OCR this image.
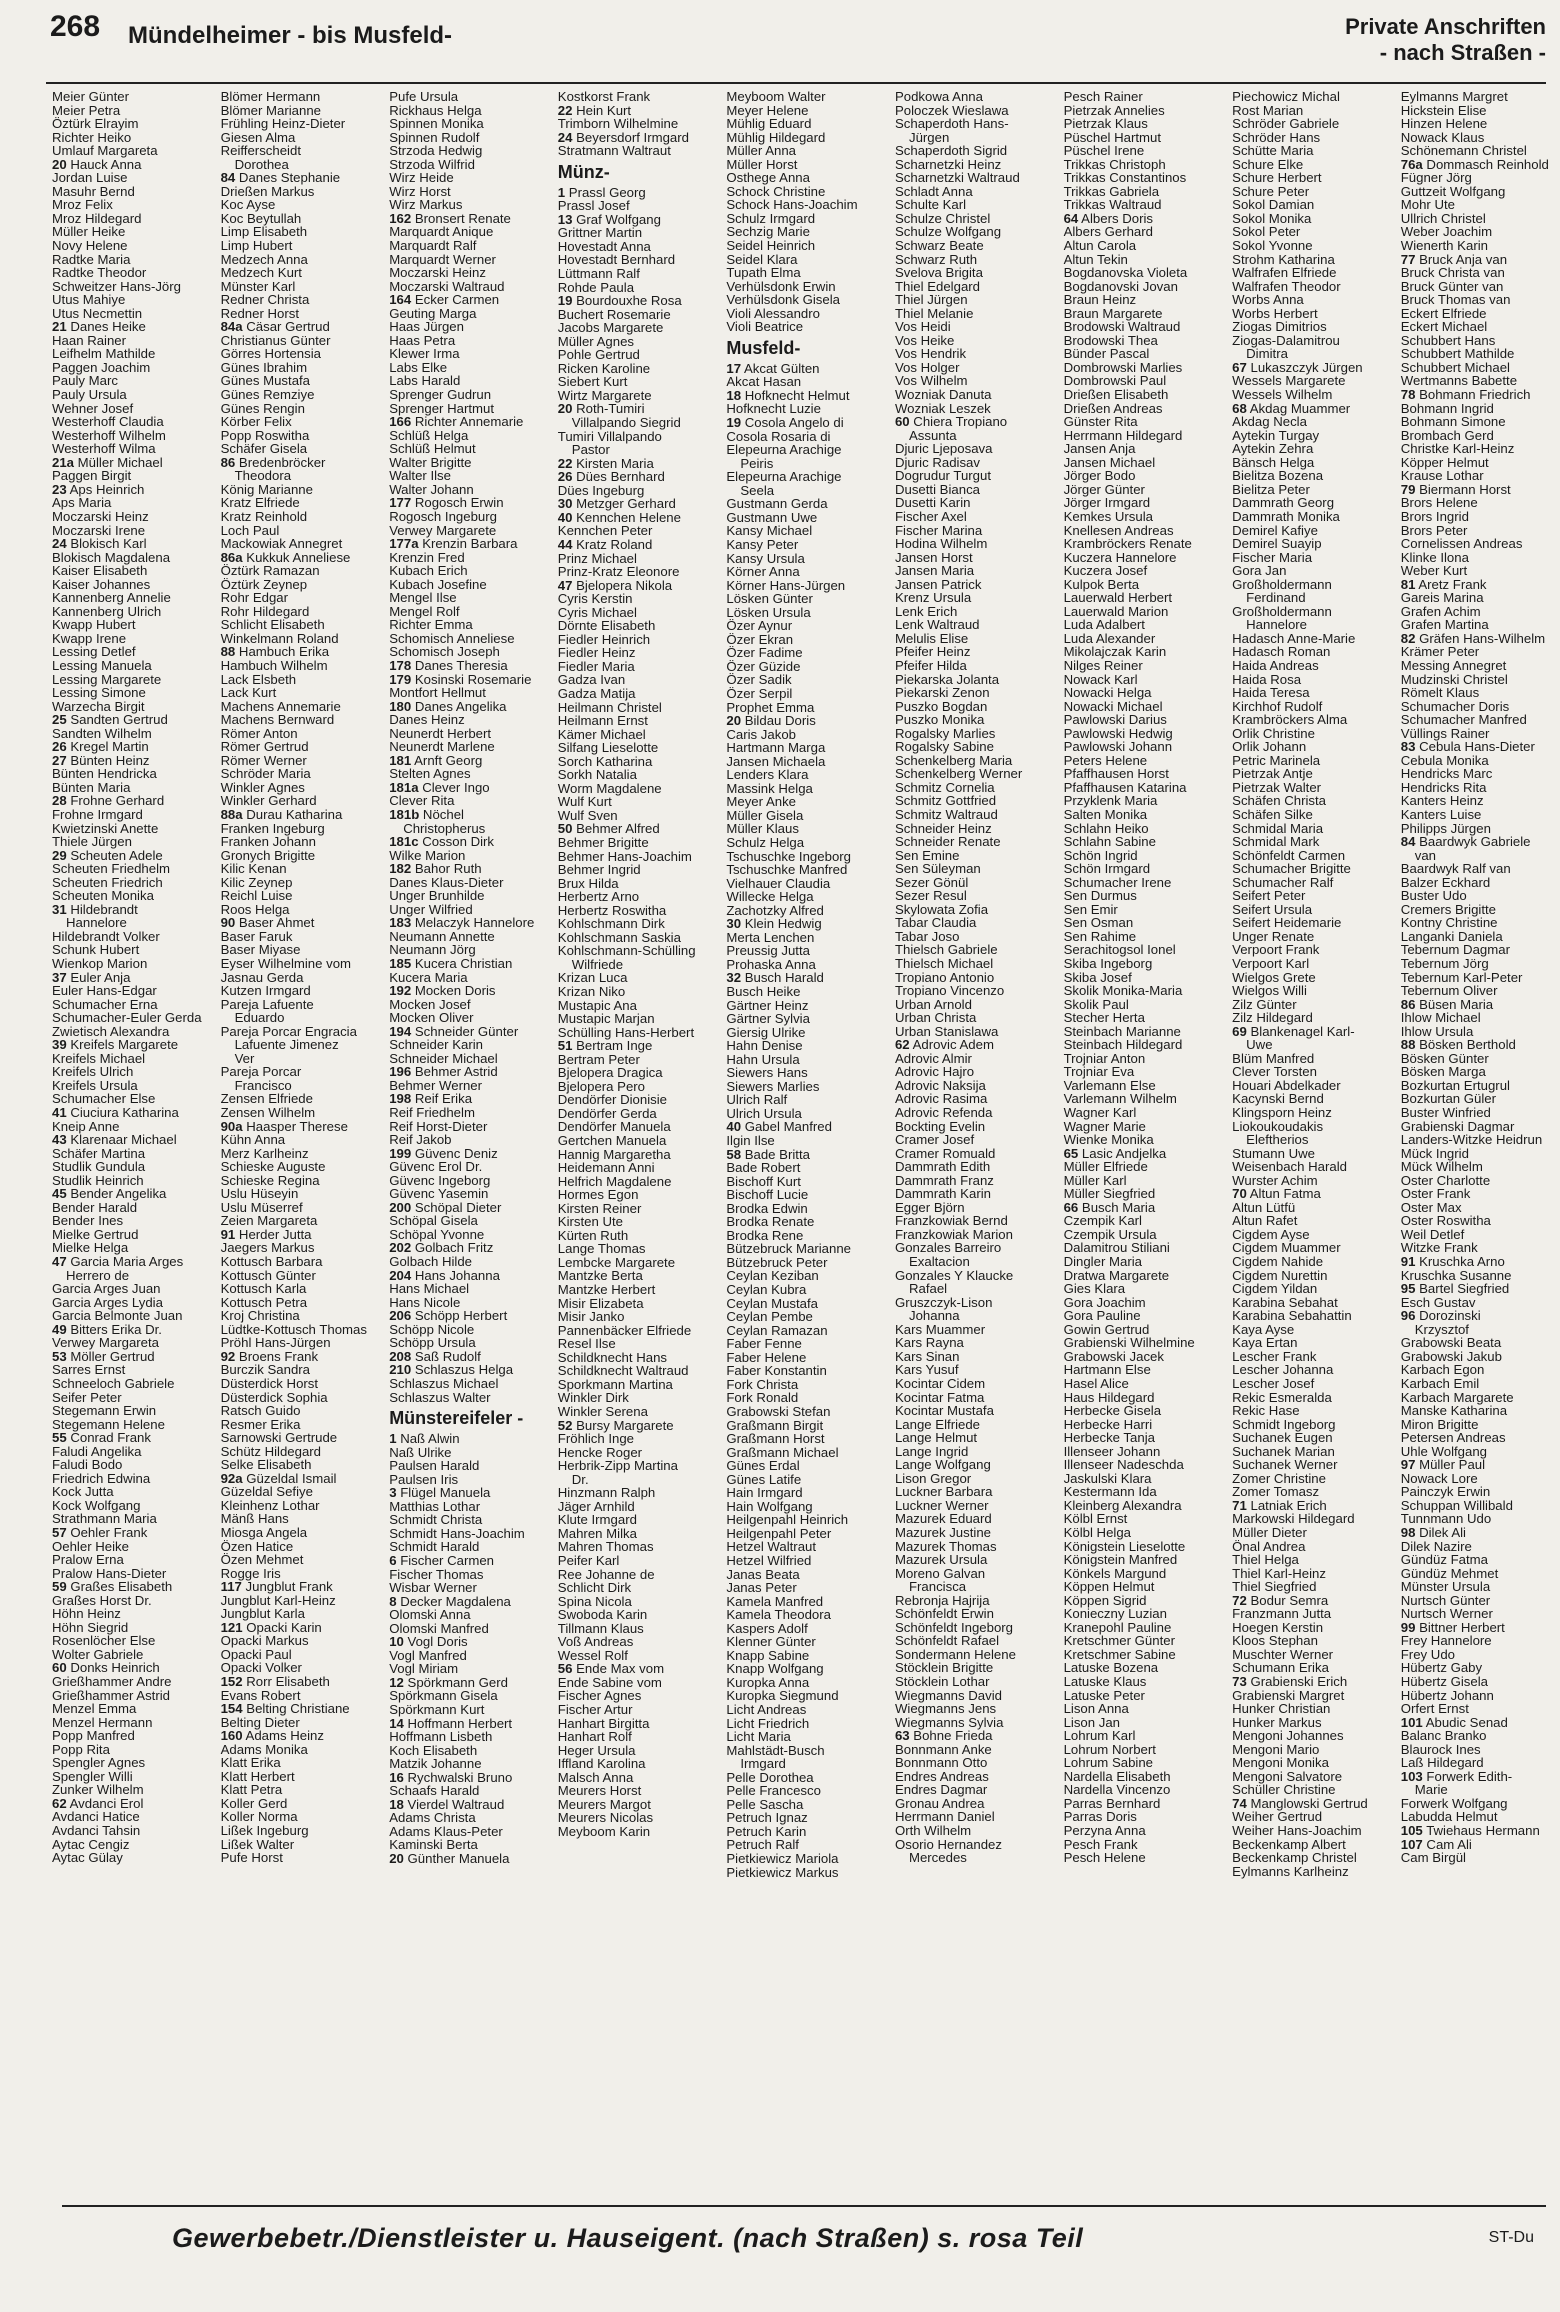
268 Mündelheimer - bis Musfeld-	Private Anschriften
- nach Straßen -
Meier Günter
Meier Petra
Öztürk Elrayim
Richter Heiko
Umlauf Margareta
20 Hauck Anna
Jordan Luise
Masuhr Bernd
Mroz Felix
Mroz Hildegard
Müller Heike
Novy Helene
Radtke Maria
Radtke Theodor
Schweitzer Hans-Jörg
Utus Mahiye
Utus Necmettin
21 Danes Heike
Haan Rainer
Leifhelm Mathilde
Paggen Joachim
Pauly Marc
Pauly Ursula
Wehner Josef
Westerhoff Claudia
Westerhoff Wilhelm
Westerhoff Wilma
21a Müller Michael
Paggen Birgit
23 Aps Heinrich
Aps Maria
Moczarski Heinz
Moczarski Irene
24 Blokisch Karl
Blokisch Magdalena
Kaiser Elisabeth
Kaiser Johannes
Kannenberg Annelie
Kannenberg Ulrich
Kwapp Hubert
Kwapp Irene
Lessing Detlef
Lessing Manuela
Lessing Margarete
Lessing Simone
Warzecha Birgit
25 Sandten Gertrud
Sandten Wilhelm
26 Kregel Martin
27 Bünten Heinz
Bünten Hendricka
Bünten Maria
28 Frohne Gerhard
Frohne Irmgard
Kwietzinski Anette
Thiele Jürgen
29 Scheuten Adele
Scheuten Friedhelm
Scheuten Friedrich
Scheuten Monika
31 Hildebrandt
Hannelore
Hildebrandt Volker
Schunk Hubert
Wienkop Marion
37 Euler Anja
Euler Hans-Edgar
Schumacher Erna
Schumacher-Euler Gerda
Zwietisch Alexandra
39 Kreifels Margarete
Kreifels Michael
Kreifels Ulrich
Kreifels Ursula
Schumacher Else
41 Ciuciura Katharina
Kneip Anne
43 Klarenaar Michael
Schäfer Martina
Studlik Gundula
Studlik Heinrich
45 Bender Angelika
Bender Harald
Bender Ines
Mielke Gertrud
Mielke Helga
47 Garcia Maria Arges
Herrero de
Garcia Arges Juan
Garcia Arges Lydia
Garcia Belmonte Juan
49 Bitters Erika Dr.
Verwey Margareta
53 Möller Gertrud
Sarres Ernst
Schneeloch Gabriele
Seifer Peter
Stegemann Erwin
Stegemann Helene
55 Conrad Frank
Faludi Angelika
Faludi Bodo
Friedrich Edwina
Kock Jutta
Kock Wolfgang
Strathmann Maria
57 Oehler Frank
Oehler Heike
Pralow Erna
Pralow Hans-Dieter
59 Graßes Elisabeth
Graßes Horst Dr.
Höhn Heinz
Höhn Siegrid
Rosenlöcher Else
Wolter Gabriele
60 Donks Heinrich
Grießhammer Andre
Grießhammer Astrid
Menzel Emma
Menzel Hermann
Popp Manfred
Popp Rita
Spengler Agnes
Spengler Willi
Zunker Wilhelm
62 Avdanci Erol
Avdanci Hatice
Avdanci Tahsin
Aytac Cengiz
Aytac Gülay
Blömer Hermann
Blömer Marianne
Frühling Heinz-Dieter
Giesen Alma
Reifferscheidt
Dorothea
84 Danes Stephanie
Drießen Markus
Koc Ayse
Koc Beytullah
Limp Elisabeth
Limp Hubert
Medzech Anna
Medzech Kurt
Münster Karl
Redner Christa
Redner Horst
84a Cäsar Gertrud
Christianus Günter
Görres Hortensia
Günes Ibrahim
Günes Mustafa
Günes Remziye
Günes Rengin
Körber Felix
Popp Roswitha
Schäfer Gisela
86 Bredenbröcker
Theodora
König Marianne
Kratz Elfriede
Kratz Reinhold
Loch Paul
Mackowiak Annegret
86a Kukkuk Anneliese
Öztürk Ramazan
Öztürk Zeynep
Rohr Edgar
Rohr Hildegard
Schlicht Elisabeth
Winkelmann Roland
88 Hambuch Erika
Hambuch Wilhelm
Lack Elsbeth
Lack Kurt
Machens Annemarie
Machens Bernward
Römer Anton
Römer Gertrud
Römer Werner
Schröder Maria
Winkler Agnes
Winkler Gerhard
88a Durau Katharina
Franken Ingeburg
Franken Johann
Gronych Brigitte
Kilic Kenan
Kilic Zeynep
Reichl Luise
Roos Helga
90 Baser Ahmet
Baser Faruk
Baser Miyase
Eyser Wilhelmine vom
Jasnau Gerda
Kutzen Irmgard
Pareja Lafuente
Eduardo
Pareja Porcar Engracia
Lafuente Jimenez
Ver
Pareja Porcar
Francisco
Zensen Elfriede
Zensen Wilhelm
90a Haasper Therese
Kühn Anna
Merz Karlheinz
Schieske Auguste
Schieske Regina
Uslu Hüseyin
Uslu Müserref
Zeien Margareta
91 Herder Jutta
Jaegers Markus
Kottusch Barbara
Kottusch Günter
Kottusch Karla
Kottusch Petra
Kroj Christina
Lüdtke-Kottusch Thomas
Pröhl Hans-Jürgen
92 Broens Frank
Burczik Sandra
Düsterdick Horst
Düsterdick Sophia
Ratsch Guido
Resmer Erika
Sarnowski Gertrude
Schütz Hildegard
Selke Elisabeth
92a Güzeldal Ismail
Güzeldal Sefiye
Kleinhenz Lothar
Mänß Hans
Miosga Angela
Özen Hatice
Özen Mehmet
Rogge Iris
117 Jungblut Frank
Jungblut Karl-Heinz
Jungblut Karla
121 Opacki Karin
Opacki Markus
Opacki Paul
Opacki Volker
152 Rorr Elisabeth
Evans Robert
154 Belting Christiane
Belting Dieter
160 Adams Heinz
Adams Monika
Klatt Erika
Klatt Herbert
Klatt Petra
Koller Gerd
Koller Norma
Lißek Ingeburg
Lißek Walter
Pufe Horst
Pufe Ursula
Rickhaus Helga
Spinnen Monika
Spinnen Rudolf
Strzoda Hedwig
Strzoda Wilfrid
Wirz Heide
Wirz Horst
Wirz Markus
162 Bronsert Renate
Marquardt Anique
Marquardt Ralf
Marquardt Werner
Moczarski Heinz
Moczarski Waltraud
164 Ecker Carmen
Geuting Marga
Haas Jürgen
Haas Petra
Klewer Irma
Labs Elke
Labs Harald
Sprenger Gudrun
Sprenger Hartmut
166 Richter Annemarie
Schlüß Helga
Schlüß Helmut
Walter Brigitte
Walter Ilse
Walter Johann
177 Rogosch Erwin
Rogosch Ingeburg
Verwey Margarete
177a Krenzin Barbara
Krenzin Fred
Kubach Erich
Kubach Josefine
Mengel Ilse
Mengel Rolf
Richter Emma
Schomisch Anneliese
Schomisch Joseph
178 Danes Theresia
179 Kosinski Rosemarie
Montfort Hellmut
180 Danes Angelika
Danes Heinz
Neunerdt Herbert
Neunerdt Marlene
181 Arnft Georg
Stelten Agnes
181a Clever Ingo
Clever Rita
181b Nöchel
Christopherus
181c Cosson Dirk
Wilke Marion
182 Bahor Ruth
Danes Klaus-Dieter
Unger Brunhilde
Unger Wilfried
183 Melaczyk Hannelore
Neumann Annette
Neumann Jörg
185 Kucera Christian
Kucera Maria
192 Mocken Doris
Mocken Josef
Mocken Oliver
194 Schneider Günter
Schneider Karin
Schneider Michael
196 Behmer Astrid
Behmer Werner
198 Reif Erika
Reif Friedhelm
Reif Horst-Dieter
Reif Jakob
199 Güvenc Deniz
Güvenc Erol Dr.
Güvenc Ingeborg
Güvenc Yasemin
200 Schöpal Dieter
Schöpal Gisela
Schöpal Yvonne
202 Golbach Fritz
Golbach Hilde
204 Hans Johanna
Hans Michael
Hans Nicole
206 Schöpp Herbert
Schöpp Nicole
Schöpp Ursula
208 Saß Rudolf
210 Schlaszus Helga
Schlaszus Michael
Schlaszus Walter
Münstereifeler -
1 Naß Alwin
Naß Ulrike
Paulsen Harald
Paulsen Iris
3 Flügel Manuela
Matthias Lothar
Schmidt Christa
Schmidt Hans-Joachim
Schmidt Harald
6 Fischer Carmen
Fischer Thomas
Wisbar Werner
8 Decker Magdalena
Olomski Anna
Olomski Manfred
10 Vogl Doris
Vogl Manfred
Vogl Miriam
12 Spörkmann Gerd
Spörkmann Gisela
Spörkmann Kurt
14 Hoffmann Herbert
Hoffmann Lisbeth
Koch Elisabeth
Matzik Johanne
16 Rychwalski Bruno
Schaafs Harald
18 Vierdel Waltraud
Adams Christa
Adams Klaus-Peter
Kaminski Berta
20 Günther Manuela
Kostkorst Frank
22 Hein Kurt
Trimborn Wilhelmine
24 Beyersdorf Irmgard
Stratmann Waltraut
Münz-
1 Prassl Georg
Prassl Josef
13 Graf Wolfgang
Grittner Martin
Hovestadt Anna
Hovestadt Bernhard
Lüttmann Ralf
Rohde Paula
19 Bourdouxhe Rosa
Buchert Rosemarie
Jacobs Margarete
Müller Agnes
Pohle Gertrud
Ricken Karoline
Siebert Kurt
Wirtz Margarete
20 Roth-Tumiri
Villalpando Siegrid
Tumiri Villalpando
Pastor
22 Kirsten Maria
26 Dües Bernhard
Dües Ingeburg
30 Metzger Gerhard
40 Kennchen Helene
Kennchen Peter
44 Kratz Roland
Prinz Michael
Prinz-Kratz Eleonore
47 Bjelopera Nikola
Cyris Kerstin
Cyris Michael
Dörnte Elisabeth
Fiedler Heinrich
Fiedler Heinz
Fiedler Maria
Gadza Ivan
Gadza Matija
Heilmann Christel
Heilmann Ernst
Kämer Michael
Silfang Lieselotte
Sorch Katharina
Sorkh Natalia
Worm Magdalene
Wulf Kurt
Wulf Sven
50 Behmer Alfred
Behmer Brigitte
Behmer Hans-Joachim
Behmer Ingrid
Brux Hilda
Herbertz Arno
Herbertz Roswitha
Kohlschmann Dirk
Kohlschmann Saskia
Kohlschmann-Schülling
Wilfriede
Krizan Luca
Krizan Niko
Mustapic Ana
Mustapic Marjan
Schülling Hans-Herbert
51 Bertram Inge
Bertram Peter
Bjelopera Dragica
Bjelopera Pero
Dendörfer Dionisie
Dendörfer Gerda
Dendörfer Manuela
Gertchen Manuela
Hannig Margaretha
Heidemann Anni
Helfrich Magdalene
Hormes Egon
Kirsten Reiner
Kirsten Ute
Kürten Ruth
Lange Thomas
Lembcke Margarete
Mantzke Berta
Mantzke Herbert
Misir Elizabeta
Misir Janko
Pannenbäcker Elfriede
Resel Ilse
Schildknecht Hans
Schildknecht Waltraud
Sporkmann Martina
Winkler Dirk
Winkler Serena
52 Bursy Margarete
Fröhlich Inge
Hencke Roger
Herbrik-Zipp Martina
Dr.
Hinzmann Ralph
Jäger Arnhild
Klute Irmgard
Mahren Milka
Mahren Thomas
Peifer Karl
Ree Johanne de
Schlicht Dirk
Spina Nicola
Swoboda Karin
Tillmann Klaus
Voß Andreas
Wessel Rolf
56 Ende Max vom
Ende Sabine vom
Fischer Agnes
Fischer Artur
Hanhart Birgitta
Hanhart Rolf
Heger Ursula
Iffland Karolina
Malsch Anna
Meurers Horst
Meurers Margot
Meurers Nicolas
Meyboom Karin
Meyboom Walter
Meyer Helene
Mühlig Eduard
Mühlig Hildegard
Müller Anna
Müller Horst
Osthege Anna
Schock Christine
Schock Hans-Joachim
Schulz Irmgard
Sechzig Marie
Seidel Heinrich
Seidel Klara
Tupath Elma
Verhülsdonk Erwin
Verhülsdonk Gisela
Violi Alessandro
Violi Beatrice
Musfeld-
17 Akcat Gülten
Akcat Hasan
18 Hofknecht Helmut
Hofknecht Luzie
19 Cosola Angelo di
Cosola Rosaria di
Elepeurna Arachige
Peiris
Elepeurna Arachige
Seela
Gustmann Gerda
Gustmann Uwe
Kansy Michael
Kansy Peter
Kansy Ursula
Körner Anna
Körner Hans-Jürgen
Lösken Günter
Lösken Ursula
Özer Aynur
Özer Ekran
Özer Fadime
Özer Güzide
Özer Sadik
Özer Serpil
Prophet Emma
20 Bildau Doris
Caris Jakob
Hartmann Marga
Jansen Michaela
Lenders Klara
Massink Helga
Meyer Anke
Müller Gisela
Müller Klaus
Schulz Helga
Tschuschke Ingeborg
Tschuschke Manfred
Vielhauer Claudia
Willecke Helga
Zachotzky Alfred
30 Klein Hedwig
Merta Lenchen
Preussig Jutta
Prohaska Anna
32 Busch Harald
Busch Heike
Gärtner Heinz
Gärtner Sylvia
Giersig Ulrike
Hahn Denise
Hahn Ursula
Siewers Hans
Siewers Marlies
Ulrich Ralf
Ulrich Ursula
40 Gabel Manfred
Ilgin Ilse
58 Bade Britta
Bade Robert
Bischoff Kurt
Bischoff Lucie
Brodka Edwin
Brodka Renate
Brodka Rene
Bützebruck Marianne
Bützebruck Peter
Ceylan Keziban
Ceylan Kubra
Ceylan Mustafa
Ceylan Pembe
Ceylan Ramazan
Faber Fenne
Faber Helene
Faber Konstantin
Fork Christa
Fork Ronald
Grabowski Stefan
Graßmann Birgit
Graßmann Horst
Graßmann Michael
Günes Erdal
Günes Latife
Hain Irmgard
Hain Wolfgang
Heilgenpahl Heinrich
Heilgenpahl Peter
Hetzel Waltraut
Hetzel Wilfried
Janas Beata
Janas Peter
Kamela Manfred
Kamela Theodora
Kaspers Adolf
Klenner Günter
Knapp Sabine
Knapp Wolfgang
Kuropka Anna
Kuropka Siegmund
Licht Andreas
Licht Friedrich
Licht Maria
Mahlstädt-Busch
Irmgard
Pelle Dorothea
Pelle Francesco
Pelle Sascha
Petruch Ignaz
Petruch Karin
Petruch Ralf
Pietkiewicz Mariola
Pietkiewicz Markus
Podkowa Anna
Poloczek Wieslawa
Schaperdoth Hans-
Jürgen
Schaperdoth Sigrid
Scharnetzki Heinz
Scharnetzki Waltraud
Schladt Anna
Schulte Karl
Schulze Christel
Schulze Wolfgang
Schwarz Beate
Schwarz Ruth
Svelova Brigita
Thiel Edelgard
Thiel Jürgen
Thiel Melanie
Vos Heidi
Vos Heike
Vos Hendrik
Vos Holger
Vos Wilhelm
Wozniak Danuta
Wozniak Leszek
60 Chiera Tropiano
Assunta
Djuric Ljeposava
Djuric Radisav
Dogrudur Turgut
Dusetti Bianca
Dusetti Karin
Fischer Axel
Fischer Marina
Hodina Wilhelm
Jansen Horst
Jansen Maria
Jansen Patrick
Krenz Ursula
Lenk Erich
Lenk Waltraud
Melulis Elise
Pfeifer Heinz
Pfeifer Hilda
Piekarska Jolanta
Piekarski Zenon
Puszko Bogdan
Puszko Monika
Rogalsky Marlies
Rogalsky Sabine
Schenkelberg Maria
Schenkelberg Werner
Schmitz Cornelia
Schmitz Gottfried
Schmitz Waltraud
Schneider Heinz
Schneider Renate
Sen Emine
Sen Süleyman
Sezer Gönül
Sezer Resul
Skylowata Zofia
Tabar Claudia
Tabar Joso
Thielsch Gabriele
Thielsch Michael
Tropiano Antonio
Tropiano Vincenzo
Urban Arnold
Urban Christa
Urban Stanislawa
62 Adrovic Adem
Adrovic Almir
Adrovic Hajro
Adrovic Naksija
Adrovic Rasima
Adrovic Refenda
Bockting Evelin
Cramer Josef
Cramer Romuald
Dammrath Edith
Dammrath Franz
Dammrath Karin
Egger Björn
Franzkowiak Bernd
Franzkowiak Marion
Gonzales Barreiro
Exaltacion
Gonzales Y Klaucke
Rafael
Gruszczyk-Lison
Johanna
Kars Muammer
Kars Rayna
Kars Sinan
Kars Yusuf
Kocintar Cidem
Kocintar Fatma
Kocintar Mustafa
Lange Elfriede
Lange Helmut
Lange Ingrid
Lange Wolfgang
Lison Gregor
Luckner Barbara
Luckner Werner
Mazurek Eduard
Mazurek Justine
Mazurek Thomas
Mazurek Ursula
Moreno Galvan
Francisca
Rebronja Hajrija
Schönfeldt Erwin
Schönfeldt Ingeborg
Schönfeldt Rafael
Sondermann Helene
Stöcklein Brigitte
Stöcklein Lothar
Wiegmanns David
Wiegmanns Jens
Wiegmanns Sylvia
63 Bohne Frieda
Bonnmann Anke
Bonnmann Otto
Endres Andreas
Endres Dagmar
Gronau Andrea
Herrmann Daniel
Orth Wilhelm
Osorio Hernandez
Mercedes
Pesch Rainer
Pietrzak Annelies
Pietrzak Klaus
Püschel Hartmut
Püschel Irene
Trikkas Christoph
Trikkas Constantinos
Trikkas Gabriela
Trikkas Waltraud
64 Albers Doris
Albers Gerhard
Altun Carola
Altun Tekin
Bogdanovska Violeta
Bogdanovski Jovan
Braun Heinz
Braun Margarete
Brodowski Waltraud
Brodowski Thea
Bünder Pascal
Dombrowski Marlies
Dombrowski Paul
Drießen Elisabeth
Drießen Andreas
Günster Rita
Herrmann Hildegard
Jansen Anja
Jansen Michael
Jörger Bodo
Jörger Günter
Jörger Irmgard
Kemkes Ursula
Knellesen Andreas
Krambröckers Renate
Kuczera Hannelore
Kuczera Josef
Kulpok Berta
Lauerwald Herbert
Lauerwald Marion
Luda Adalbert
Luda Alexander
Mikolajczak Karin
Nilges Reiner
Nowack Karl
Nowacki Helga
Nowacki Michael
Pawlowski Darius
Pawlowski Hedwig
Pawlowski Johann
Peters Helene
Pfaffhausen Horst
Pfaffhausen Katarina
Przyklenk Maria
Salten Monika
Schlahn Heiko
Schlahn Sabine
Schön Ingrid
Schön Irmgard
Schumacher Irene
Sen Durmus
Sen Emir
Sen Osman
Sen Rahime
Serachitogsol Ionel
Skiba Ingeborg
Skiba Josef
Skolik Monika-Maria
Skolik Paul
Stecher Herta
Steinbach Marianne
Steinbach Hildegard
Trojniar Anton
Trojniar Eva
Varlemann Else
Varlemann Wilhelm
Wagner Karl
Wagner Marie
Wienke Monika
65 Lasic Andjelka
Müller Elfriede
Müller Karl
Müller Siegfried
66 Busch Maria
Czempik Karl
Czempik Ursula
Dalamitrou Stiliani
Dingler Maria
Dratwa Margarete
Gies Klara
Gora Joachim
Gora Pauline
Gowin Gertrud
Grabienski Wilhelmine
Grabowski Jacek
Hartmann Else
Hasel Alice
Haus Hildegard
Herbecke Gisela
Herbecke Harri
Herbecke Tanja
Illenseer Johann
Illenseer Nadeschda
Jaskulski Klara
Kestermann Ida
Kleinberg Alexandra
Kölbl Ernst
Kölbl Helga
Königstein Lieselotte
Königstein Manfred
Könkels Margund
Köppen Helmut
Köppen Sigrid
Konieczny Luzian
Kranepohl Pauline
Kretschmer Günter
Kretschmer Sabine
Latuske Bozena
Latuske Klaus
Latuske Peter
Lison Anna
Lison Jan
Lohrum Karl
Lohrum Norbert
Lohrum Sabine
Nardella Elisabeth
Nardella Vincenzo
Parras Bernhard
Parras Doris
Perzyna Anna
Pesch Frank
Pesch Helene
Piechowicz Michal
Rost Marian
Schröder Gabriele
Schröder Hans
Schütte Maria
Schure Elke
Schure Herbert
Schure Peter
Sokol Damian
Sokol Monika
Sokol Peter
Sokol Yvonne
Strohm Katharina
Walfrafen Elfriede
Walfrafen Theodor
Worbs Anna
Worbs Herbert
Ziogas Dimitrios
Ziogas-Dalamitrou
Dimitra
67 Lukaszczyk Jürgen
Wessels Margarete
Wessels Wilhelm
68 Akdag Muammer
Akdag Necla
Aytekin Turgay
Aytekin Zehra
Bänsch Helga
Bielitza Bozena
Bielitza Peter
Dammrath Georg
Dammrath Monika
Demirel Kafiye
Demirel Suayip
Fischer Maria
Gora Jan
Großholdermann
Ferdinand
Großholdermann
Hannelore
Hadasch Anne-Marie
Hadasch Roman
Haida Andreas
Haida Rosa
Haida Teresa
Kirchhof Rudolf
Krambröckers Alma
Orlik Christine
Orlik Johann
Petric Marinela
Pietrzak Antje
Pietrzak Walter
Schäfen Christa
Schäfen Silke
Schmidal Maria
Schmidal Mark
Schönfeldt Carmen
Schumacher Brigitte
Schumacher Ralf
Seifert Peter
Seifert Ursula
Seifert Heidemarie
Unger Renate
Verpoort Frank
Verpoort Karl
Wielgos Grete
Wielgos Willi
Zilz Günter
Zilz Hildegard
69 Blankenagel Karl-
Uwe
Blüm Manfred
Clever Torsten
Houari Abdelkader
Kacynski Bernd
Klingsporn Heinz
Liokoukoudakis
Eleftherios
Stumann Uwe
Weisenbach Harald
Wurster Achim
70 Altun Fatma
Altun Lütfü
Altun Rafet
Cigdem Ayse
Cigdem Muammer
Cigdem Nahide
Cigdem Nurettin
Cigdem Yildan
Karabina Sebahat
Karabina Sebahattin
Kaya Ayse
Kaya Ertan
Lescher Frank
Lescher Johanna
Lescher Josef
Rekic Esmeralda
Rekic Hase
Schmidt Ingeborg
Suchanek Eugen
Suchanek Marian
Suchanek Werner
Zomer Christine
Zomer Tomasz
71 Latniak Erich
Markowski Hildegard
Müller Dieter
Önal Andrea
Thiel Helga
Thiel Karl-Heinz
Thiel Siegfried
72 Bodur Semra
Franzmann Jutta
Hoegen Kerstin
Kloos Stephan
Muschter Werner
Schumann Erika
73 Grabienski Erich
Grabienski Margret
Hunker Christian
Hunker Markus
Mengoni Johannes
Mengoni Mario
Mengoni Monika
Mengoni Salvatore
Schüller Christine
74 Manglowski Gertrud
Weiher Gertrud
Weiher Hans-Joachim
Beckenkamp Albert
Beckenkamp Christel
Eylmanns Karlheinz
Eylmanns Margret
Hickstein Elise
Hinzen Helene
Nowack Klaus
Schönemann Christel
76a Dommasch Reinhold
Fügner Jörg
Guttzeit Wolfgang
Mohr Ute
Ullrich Christel
Weber Joachim
Wienerth Karin
77 Bruck Anja van
Bruck Christa van
Bruck Günter van
Bruck Thomas van
Eckert Elfriede
Eckert Michael
Schubbert Hans
Schubbert Mathilde
Schubbert Michael
Wertmanns Babette
78 Bohmann Friedrich
Bohmann Ingrid
Bohmann Simone
Brombach Gerd
Christke Karl-Heinz
Köpper Helmut
Krause Lothar
79 Biermann Horst
Brors Helene
Brors Ingrid
Brors Peter
Cornelissen Andreas
Klinke Ilona
Weber Kurt
81 Aretz Frank
Gareis Marina
Grafen Achim
Grafen Martina
82 Gräfen Hans-Wilhelm
Krämer Peter
Messing Annegret
Mudzinski Christel
Römelt Klaus
Schumacher Doris
Schumacher Manfred
Vüllings Rainer
83 Cebula Hans-Dieter
Cebula Monika
Hendricks Marc
Hendricks Rita
Kanters Heinz
Kanters Luise
Philipps Jürgen
84 Baardwyk Gabriele
van
Baardwyk Ralf van
Balzer Eckhard
Buster Udo
Cremers Brigitte
Kontny Christine
Langanki Daniela
Tebernum Dagmar
Tebernum Jörg
Tebernum Karl-Peter
Tebernum Oliver
86 Büsen Maria
Ihlow Michael
Ihlow Ursula
88 Bösken Berthold
Bösken Günter
Bösken Marga
Bozkurtan Ertugrul
Bozkurtan Güler
Buster Winfried
Grabienski Dagmar
Landers-Witzke Heidrun
Mück Ingrid
Mück Wilhelm
Oster Charlotte
Oster Frank
Oster Max
Oster Roswitha
Weil Detlef
Witzke Frank
91 Kruschka Arno
Kruschka Susanne
95 Bartel Siegfried
Esch Gustav
96 Dorozinski
Krzysztof
Grabowski Beata
Grabowski Jakub
Karbach Egon
Karbach Emil
Karbach Margarete
Manske Katharina
Miron Brigitte
Petersen Andreas
Uhle Wolfgang
97 Müller Paul
Nowack Lore
Painczyk Erwin
Schuppan Willibald
Tunnmann Udo
98 Dilek Ali
Dilek Nazire
Gündüz Fatma
Gündüz Mehmet
Münster Ursula
Nurtsch Günter
Nurtsch Werner
99 Bittner Herbert
Frey Hannelore
Frey Udo
Hübertz Gaby
Hübertz Gisela
Hübertz Johann
Orfert Ernst
101 Abudic Senad
Balanc Branko
Blaurock Ines
Laß Hildegard
103 Forwerk Edith-
Marie
Forwerk Wolfgang
Labudda Helmut
105 Twiehaus Hermann
107 Cam Ali
Cam Birgül
Gewerbebetr./Dienstleister u. Hauseigent. (nach Straßen) s. rosa Teil	ST-Du
